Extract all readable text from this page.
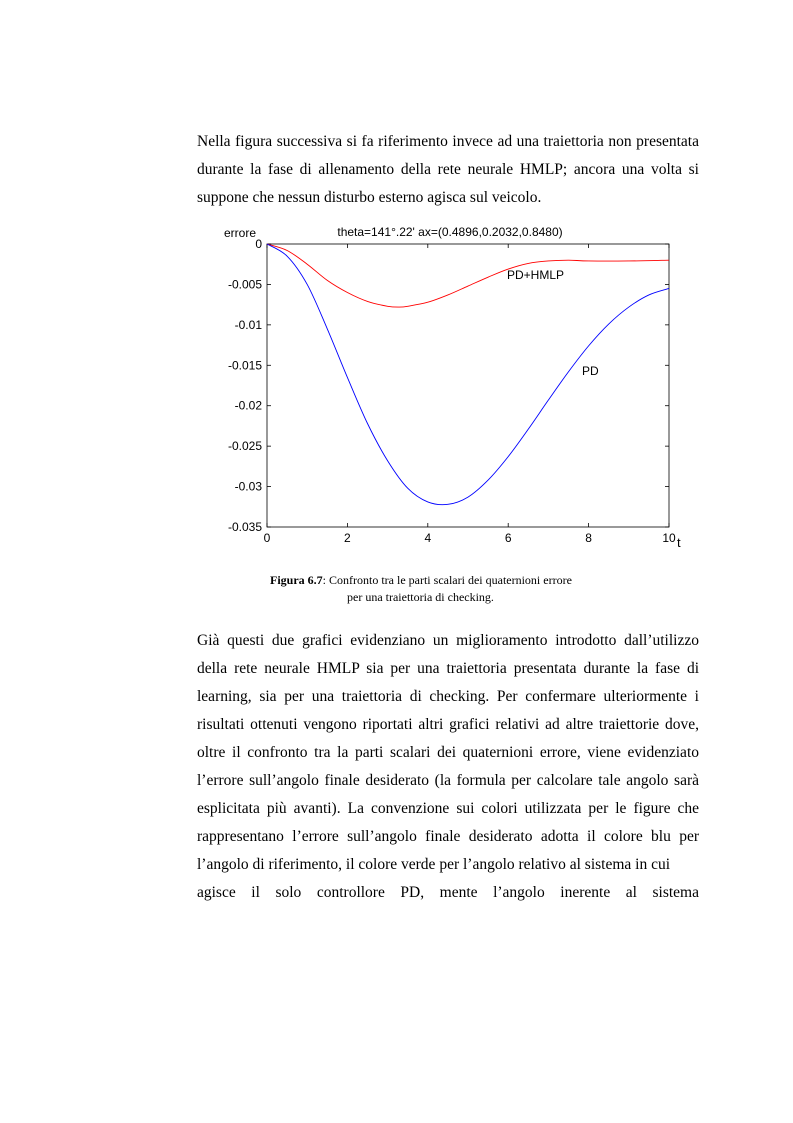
Nella figura successiva si fa riferimento invece ad una traiettoria non presentata durante la fase di allenamento della rete neurale HMLP; ancora una volta si suppone che nessun disturbo esterno agisca sul veicolo.

theta=141°.22' ax=(0.4896,0.2032,0.8480)
errore
t
0	2	4	6	8	10
0
-0.005
-0.01
-0.015
-0.02
-0.025
-0.03
-0.035
PD+HMLP
PD
Figura 6.7: Confronto tra le parti scalari dei quaternioni errore
per una traiettoria di checking.

Già questi due grafici evidenziano un miglioramento introdotto dall’utilizzo della rete neurale HMLP sia per una traiettoria presentata durante la fase di learning, sia per una traiettoria di checking. Per confermare ulteriormente i risultati ottenuti vengono riportati altri grafici relativi ad altre traiettorie dove, oltre il confronto tra la parti scalari dei quaternioni errore, viene evidenziato l’errore sull’angolo finale desiderato (la formula per calcolare tale angolo sarà esplicitata più avanti). La convenzione sui colori utilizzata per le figure che rappresentano l’errore sull’angolo finale desiderato adotta il colore blu per l’angolo di riferimento, il colore verde per l’angolo relativo al sistema in cui
agisce il solo controllore PD, mente l’angolo inerente al sistema
